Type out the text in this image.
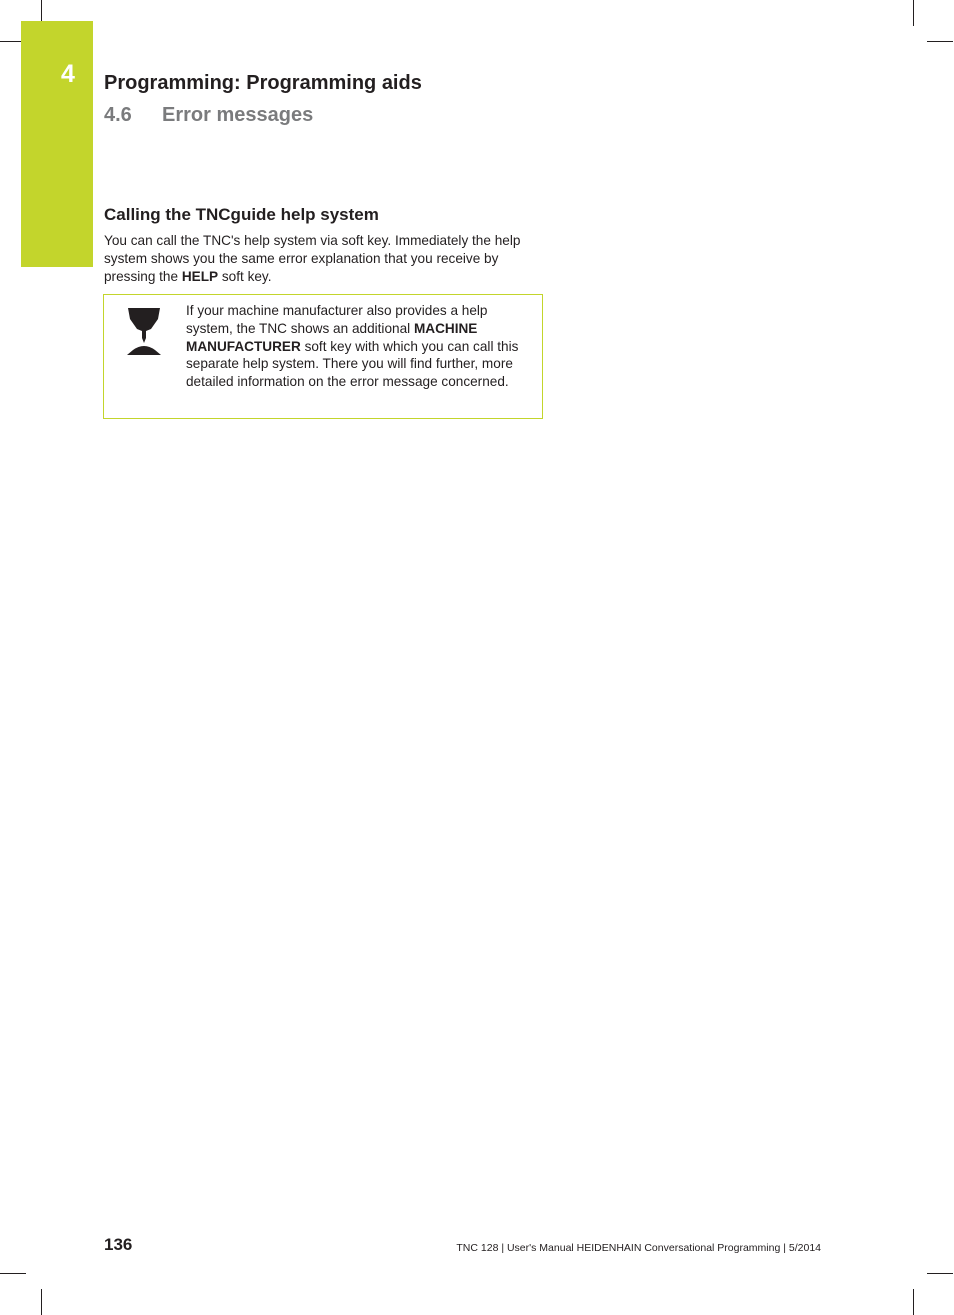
4 Programming: Programming aids
4.6 Error messages
Calling the TNCguide help system
You can call the TNC's help system via soft key. Immediately the help system shows you the same error explanation that you receive by pressing the HELP soft key.
If your machine manufacturer also provides a help system, the TNC shows an additional MACHINE MANUFACTURER soft key with which you can call this separate help system. There you will find further, more detailed information on the error message concerned.
136	TNC 128 | User's Manual HEIDENHAIN Conversational Programming | 5/2014
